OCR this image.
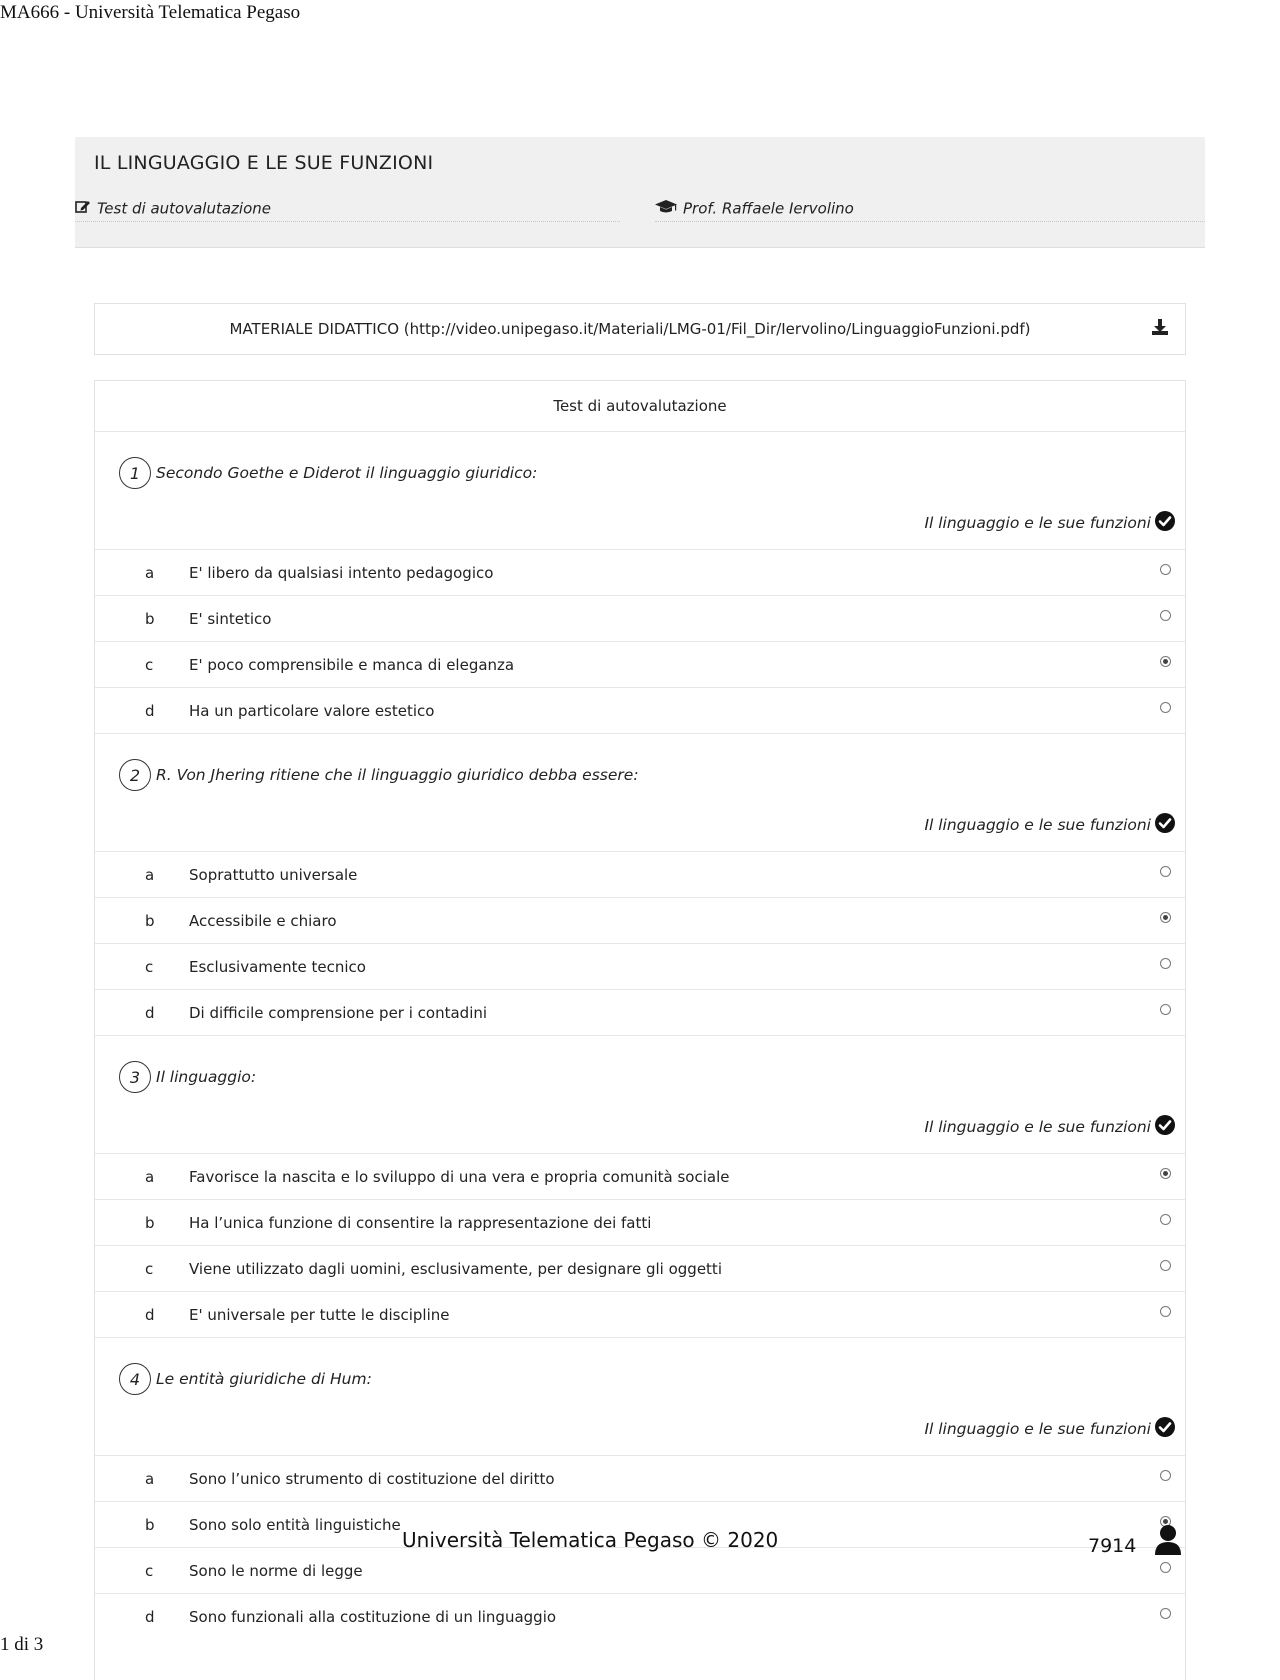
MA666 - Università Telematica Pegaso
IL LINGUAGGIO E LE SUE FUNZIONI
Test di autovalutazione	Prof. Raffaele Iervolino
MATERIALE DIDATTICO (http://video.unipegaso.it/Materiali/LMG-01/Fil_Dir/Iervolino/LinguaggioFunzioni.pdf)
Test di autovalutazione
1	Secondo Goethe e Diderot il linguaggio giuridico:
Il linguaggio e le sue funzioni
a E' libero da qualsiasi intento pedagogico
b E' sintetico
c E' poco comprensibile e manca di eleganza
d Ha un particolare valore estetico
2	R. Von Jhering ritiene che il linguaggio giuridico debba essere:
Il linguaggio e le sue funzioni
a Soprattutto universale
b Accessibile e chiaro
c Esclusivamente tecnico
d Di difficile comprensione per i contadini
3	Il linguaggio:
Il linguaggio e le sue funzioni
a Favorisce la nascita e lo sviluppo di una vera e propria comunità sociale
b Ha l’unica funzione di consentire la rappresentazione dei fatti
c Viene utilizzato dagli uomini, esclusivamente, per designare gli oggetti
d E' universale per tutte le discipline
4	Le entità giuridiche di Hum:
Il linguaggio e le sue funzioni
a Sono l’unico strumento di costituzione del diritto
b Sono solo entità linguistiche
c Sono le norme di legge
d Sono funzionali alla costituzione di un linguaggio
Università Telematica Pegaso © 2020	7914
1 di 3
